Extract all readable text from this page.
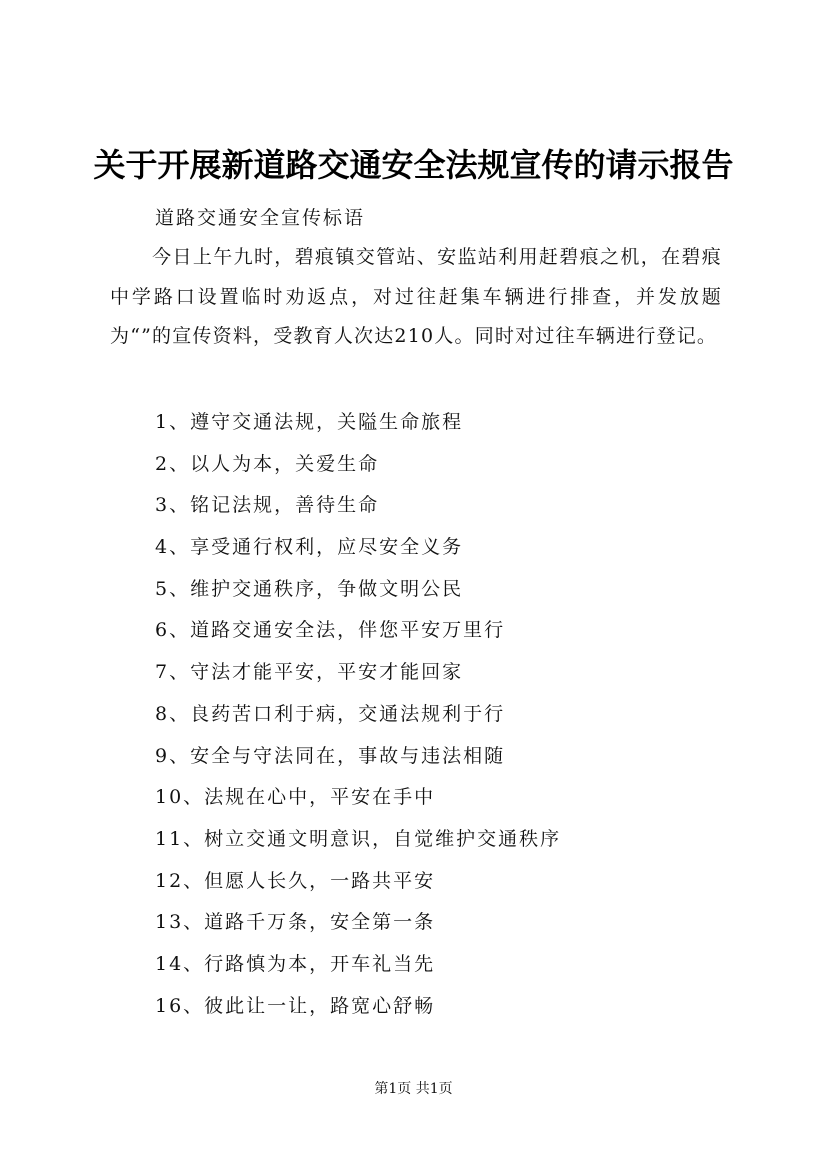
关于开展新道路交通安全法规宣传的请示报告
道路交通安全宣传标语
今日上午九时，碧痕镇交管站、安监站利用赶碧痕之机，在碧痕中学路口设置临时劝返点，对过往赶集车辆进行排查，并发放题为“”的宣传资料，受教育人次达210人。同时对过往车辆进行登记。
1、遵守交通法规，关隘生命旅程
2、以人为本，关爱生命
3、铭记法规，善待生命
4、享受通行权利，应尽安全义务
5、维护交通秩序，争做文明公民
6、道路交通安全法，伴您平安万里行
7、守法才能平安，平安才能回家
8、良药苦口利于病，交通法规利于行
9、安全与守法同在，事故与违法相随
10、法规在心中，平安在手中
11、树立交通文明意识，自觉维护交通秩序
12、但愿人长久，一路共平安
13、道路千万条，安全第一条
14、行路慎为本，开车礼当先
16、彼此让一让，路宽心舒畅
第1页 共1页
